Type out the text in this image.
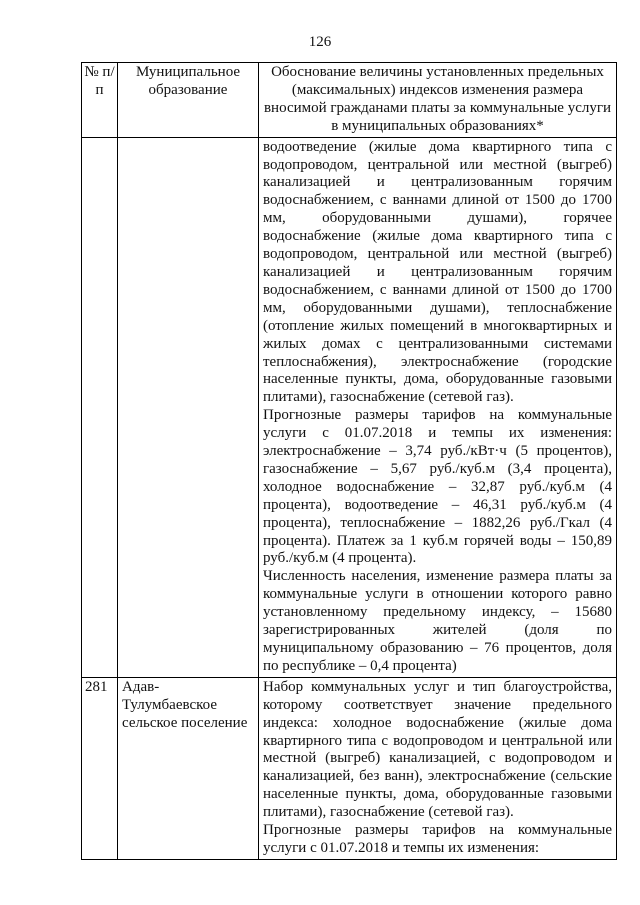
126
№ п/п	Муниципальное образование	Обоснование величины установленных предельных (максимальных) индексов изменения размера вносимой гражданами платы за коммунальные услуги в муниципальных образованиях*

		водоотведение (жилые дома квартирного типа с водопроводом, центральной или местной (выгреб) канализацией и централизованным горячим водоснабжением, с ваннами длиной от 1500 до 1700 мм, оборудованными душами), горячее водоснабжение (жилые дома квартирного типа с водопроводом, центральной или местной (выгреб) канализацией и централизованным горячим водоснабжением, с ваннами длиной от 1500 до 1700 мм, оборудованными душами), теплоснабжение (отопление жилых помещений в многоквартирных и жилых домах с централизованными системами теплоснабжения), электроснабжение (городские населенные пункты, дома, оборудованные газовыми плитами), газоснабжение (сетевой газ).

Прогнозные размеры тарифов на коммунальные услуги с 01.07.2018 и темпы их изменения: электроснабжение – 3,74 руб./кВт·ч (5 процентов), газоснабжение – 5,67 руб./куб.м (3,4 процента), холодное водоснабжение – 32,87 руб./куб.м (4 процента), водоотведение – 46,31 руб./куб.м (4 процента), теплоснабжение – 1882,26 руб./Гкал (4 процента). Платеж за 1 куб.м горячей воды – 150,89 руб./куб.м (4 процента).

Численность населения, изменение размера платы за коммунальные услуги в отношении которого равно установленному предельному индексу, – 15680 зарегистрированных жителей (доля по муниципальному образованию – 76 процентов, доля по республике – 0,4 процента)

281	Адав-Тулумбаевское сельское поселение	Набор коммунальных услуг и тип благоустройства, которому соответствует значение предельного индекса: холодное водоснабжение (жилые дома квартирного типа с водопроводом и центральной или местной (выгреб) канализацией, с водопроводом и канализацией, без ванн), электроснабжение (сельские населенные пункты, дома, оборудованные газовыми плитами), газоснабжение (сетевой газ).

Прогнозные размеры тарифов на коммунальные услуги с 01.07.2018 и темпы их изменения:
